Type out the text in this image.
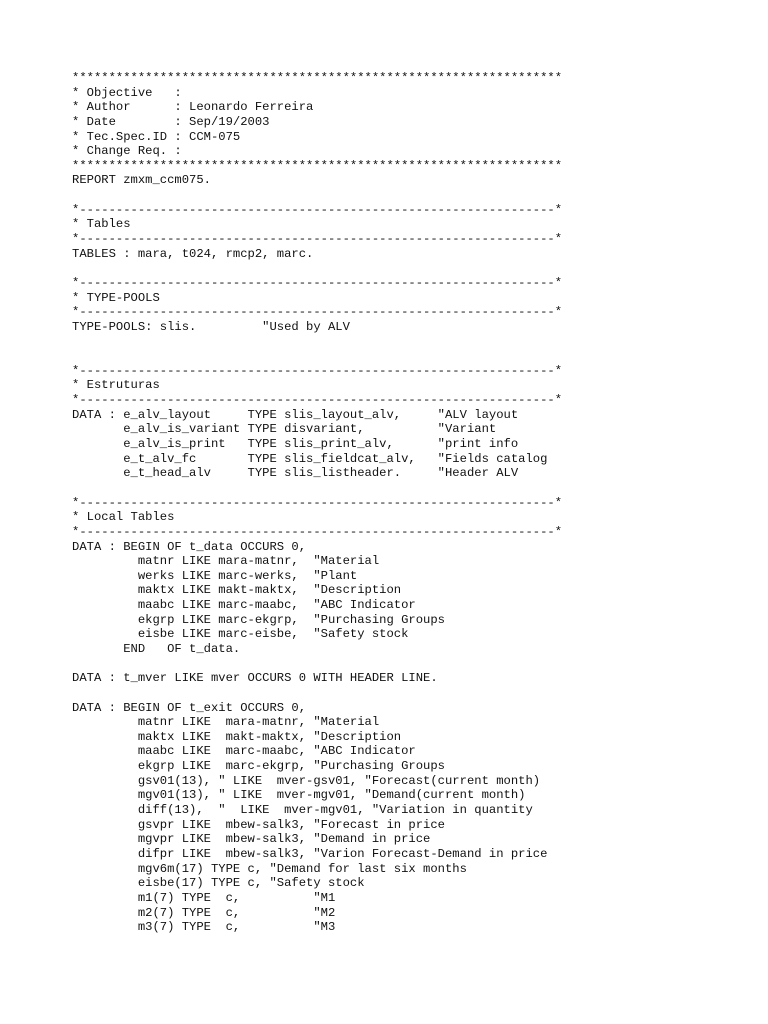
*******************************************************************
* Objective   :
* Author      : Leonardo Ferreira
* Date        : Sep/19/2003
* Tec.Spec.ID : CCM-075
* Change Req. :
*******************************************************************
REPORT zmxm_ccm075.
*-----------------------------------------------------------------*
* Tables
*-----------------------------------------------------------------*
TABLES : mara, t024, rmcp2, marc.
*-----------------------------------------------------------------*
* TYPE-POOLS
*-----------------------------------------------------------------*
TYPE-POOLS: slis.         "Used by ALV
*-----------------------------------------------------------------*
* Estruturas
*-----------------------------------------------------------------*
DATA : e_alv_layout     TYPE slis_layout_alv,     "ALV layout
e_alv_is_variant TYPE disvariant,          "Variant
e_alv_is_print   TYPE slis_print_alv,      "print info
e_t_alv_fc       TYPE slis_fieldcat_alv,   "Fields catalog
e_t_head_alv     TYPE slis_listheader.     "Header ALV
*-----------------------------------------------------------------*
* Local Tables
*-----------------------------------------------------------------*
DATA : BEGIN OF t_data OCCURS 0,
matnr LIKE mara-matnr,  "Material
werks LIKE marc-werks,  "Plant
maktx LIKE makt-maktx,  "Description
maabc LIKE marc-maabc,  "ABC Indicator
ekgrp LIKE marc-ekgrp,  "Purchasing Groups
eisbe LIKE marc-eisbe,  "Safety stock
END   OF t_data.
DATA : t_mver LIKE mver OCCURS 0 WITH HEADER LINE.
DATA : BEGIN OF t_exit OCCURS 0,
matnr LIKE  mara-matnr, "Material
maktx LIKE  makt-maktx, "Description
maabc LIKE  marc-maabc, "ABC Indicator
ekgrp LIKE  marc-ekgrp, "Purchasing Groups
gsv01(13), " LIKE  mver-gsv01, "Forecast(current month)
mgv01(13), " LIKE  mver-mgv01, "Demand(current month)
diff(13),  "  LIKE  mver-mgv01, "Variation in quantity
gsvpr LIKE  mbew-salk3, "Forecast in price
mgvpr LIKE  mbew-salk3, "Demand in price
difpr LIKE  mbew-salk3, "Varion Forecast-Demand in price
mgv6m(17) TYPE c, "Demand for last six months
eisbe(17) TYPE c, "Safety stock
m1(7) TYPE  c,          "M1
m2(7) TYPE  c,          "M2
m3(7) TYPE  c,          "M3
